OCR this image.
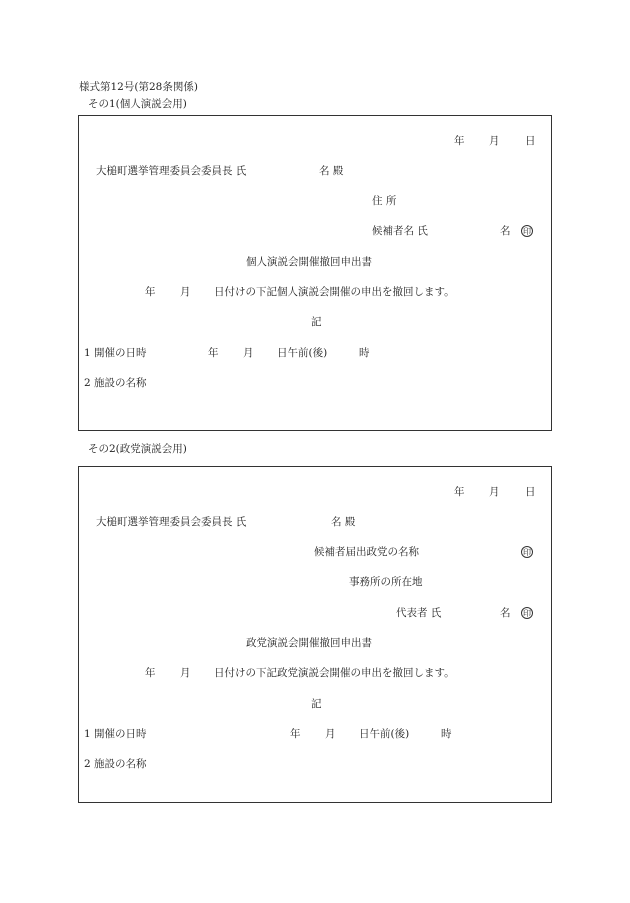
様式第12号(第28条関係)
その1(個人演説会用)
年 月 日
大槌町選挙管理委員会委員長 氏	名 殿
住 所
候補者名 氏	名 印
個人演説会開催撤回申出書
年 月 日付けの下記個人演説会開催の申出を撤回します。
記
1 開催の日時	年 月 日午前(後)	時
2 施設の名称
その2(政党演説会用)
年 月 日
大槌町選挙管理委員会委員長 氏	名 殿
候補者届出政党の名称	印
事務所の所在地
代表者 氏	名 印
政党演説会開催撤回申出書
年 月 日付けの下記政党演説会開催の申出を撤回します。
記
1 開催の日時	年 月 日午前(後)	時
2 施設の名称
